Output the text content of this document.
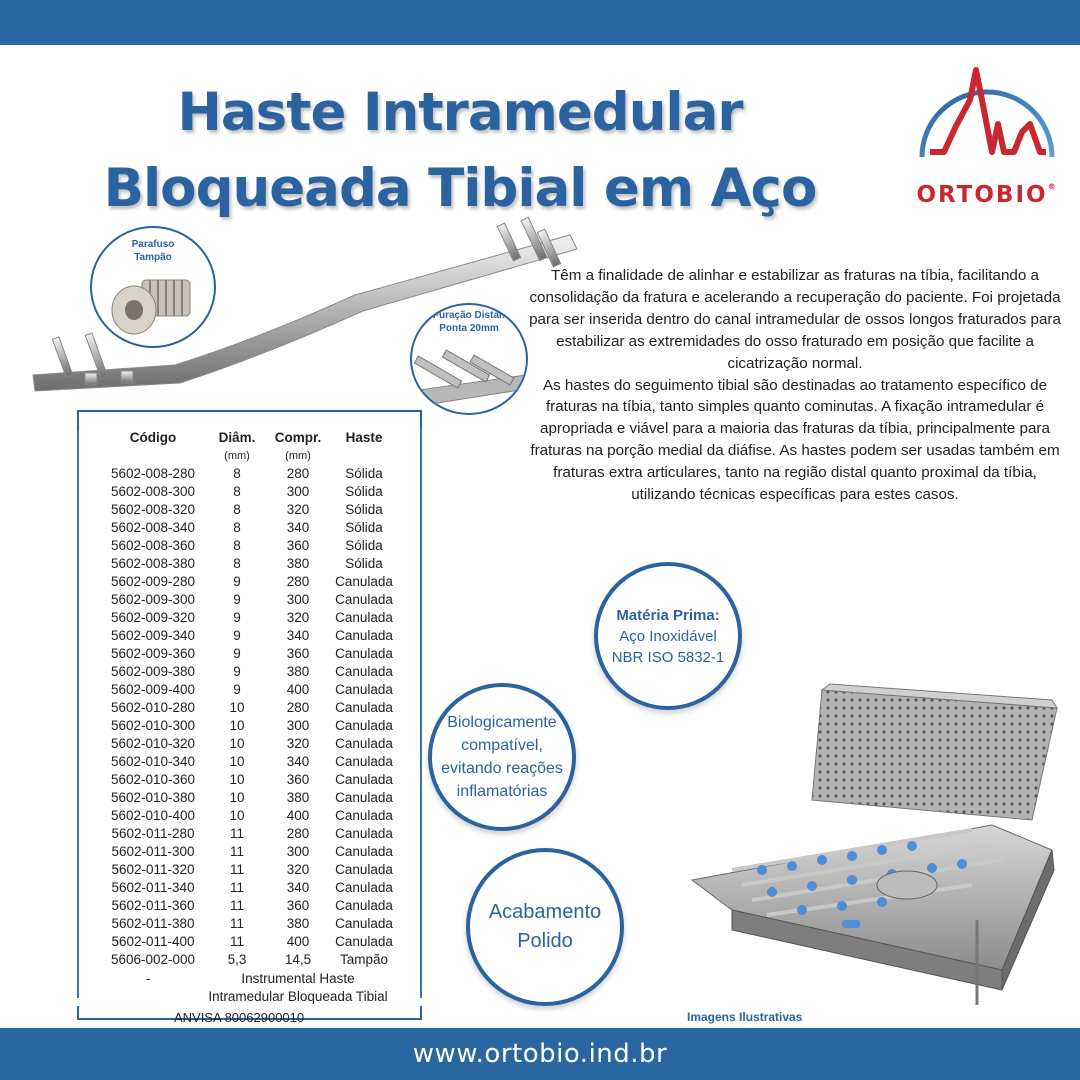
Haste Intramedular
Bloqueada Tibial em Aço	ORTOBIO®
Parafuso
Tampão
Furação Distal:
Ponta 20mm

Têm a finalidade de alinhar e estabilizar as fraturas na tíbia, facilitando a consolidação da fratura e acelerando a recuperação do paciente. Foi projetada para ser inserida dentro do canal intramedular de ossos longos fraturados para estabilizar as extremidades do osso fraturado em posição que facilite a cicatrização normal.

As hastes do seguimento tibial são destinadas ao tratamento específico de fraturas na tíbia, tanto simples quanto cominutas. A fixação intramedular é apropriada e viável para a maioria das fraturas da tíbia, principalmente para fraturas na porção medial da diáfise. As hastes podem ser usadas também em fraturas extra articulares, tanto na região distal quanto proximal da tíbia, utilizando técnicas específicas para estes casos.

Código	Diâm.	Compr.	Haste
	(mm)	(mm)	
5602-008-280	8	280	Sólida
5602-008-300	8	300	Sólida
5602-008-320	8	320	Sólida
5602-008-340	8	340	Sólida
5602-008-360	8	360	Sólida
5602-008-380	8	380	Sólida
5602-009-280	9	280	Canulada
5602-009-300	9	300	Canulada
5602-009-320	9	320	Canulada
5602-009-340	9	340	Canulada
5602-009-360	9	360	Canulada
5602-009-380	9	380	Canulada
5602-009-400	9	400	Canulada
5602-010-280	10	280	Canulada
5602-010-300	10	300	Canulada
5602-010-320	10	320	Canulada
5602-010-340	10	340	Canulada
5602-010-360	10	360	Canulada
5602-010-380	10	380	Canulada
5602-010-400	10	400	Canulada
5602-011-280	11	280	Canulada
5602-011-300	11	300	Canulada
5602-011-320	11	320	Canulada
5602-011-340	11	340	Canulada
5602-011-360	11	360	Canulada
5602-011-380	11	380	Canulada
5602-011-400	11	400	Canulada
5606-002-000	5,3	14,5	Tampão
-	Instrumental Haste
Intramedular Bloqueada Tibial
ANVISA 80062900010
Matéria Prima:
Aço Inoxidável
NBR ISO 5832-1
Biologicamente
compatível,
evitando reações
inflamatórias
Acabamento
Polido
Imagens Ilustrativas
www.ortobio.ind.br
